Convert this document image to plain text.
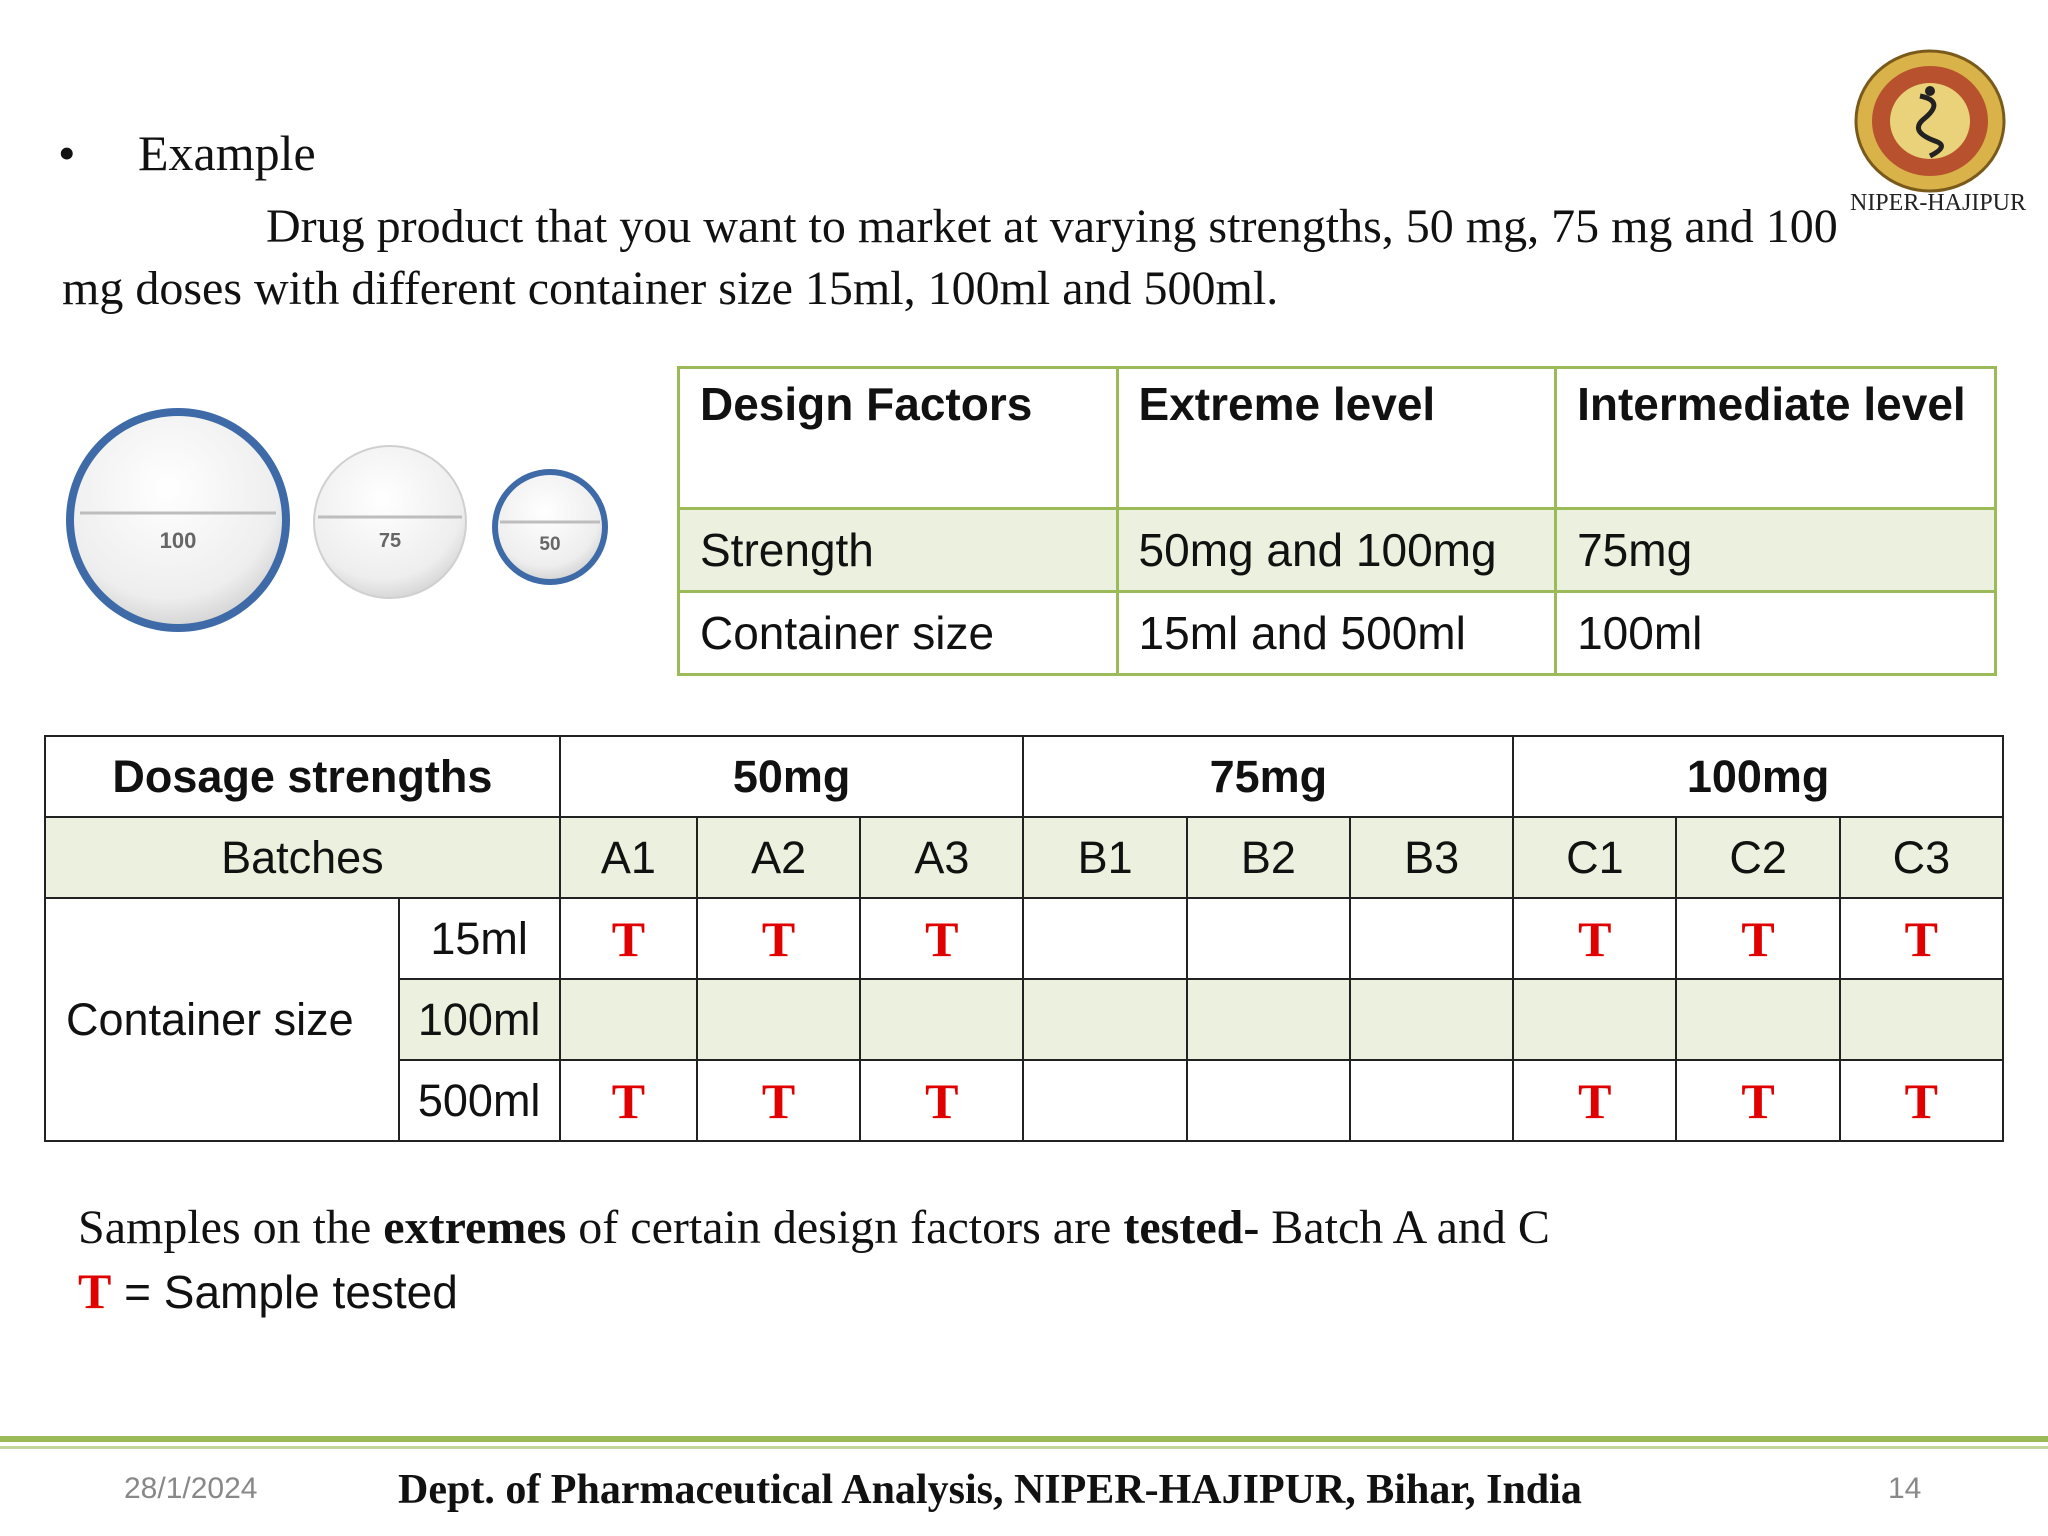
• Example

Drug product that you want to market at varying strengths, 50 mg, 75 mg and 100 mg doses with different container size 15ml, 100ml and 500ml.

NIPER-HAJIPUR
100	75	50
Design Factors	Extreme level	Intermediate level
Strength	50mg and 100mg	75mg
Container size	15ml and 500ml	100ml
Dosage strengths		50mg			75mg			100mg		
Batches		A1	A2	A3	B1	B2	B3	C1	C2	C3
Container size	15ml	T	T	T				T	T	T
	100ml									
	500ml	T	T	T				T	T	T
Samples on the extremes of certain design factors are tested- Batch A and C
T = Sample tested
28/1/2024	Dept. of Pharmaceutical Analysis, NIPER-HAJIPUR, Bihar, India	14
